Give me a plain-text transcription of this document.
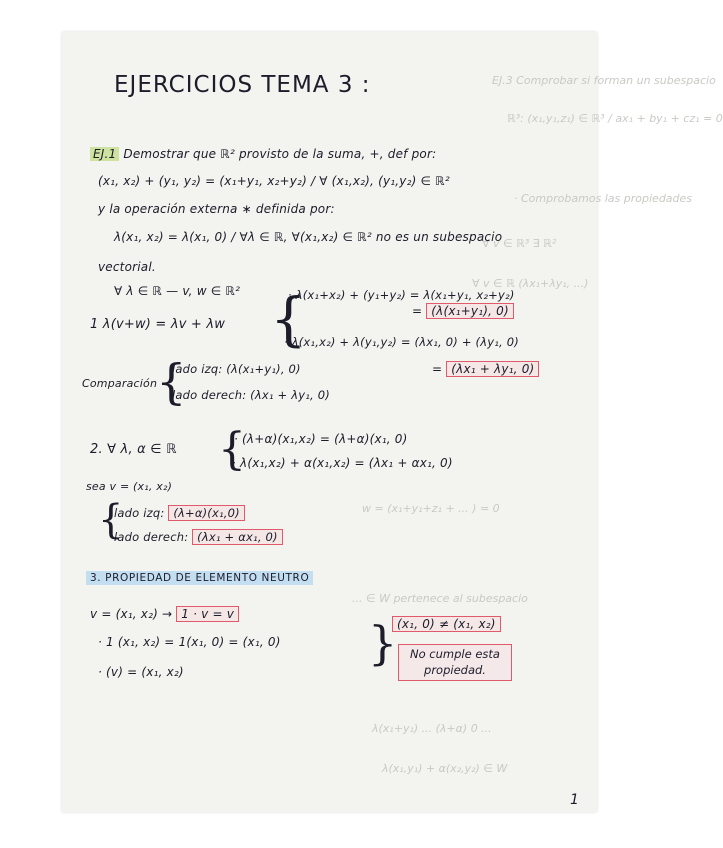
EJ.3 Comprobar si forman un subespacio
ℝ³: (x₁,y₁,z₁) ∈ ℝ³ / ax₁ + by₁ + cz₁ = 0
· Comprobamos las propiedades
∀ v ∈ ℝ³ ∃ ℝ²
∀ v ∈ ℝ (λx₁+λy₁, ...)
w = (x₁+y₁+z₁ + ... ) = 0
... ∈ W pertenece al subespacio
λ(x₁+y₁) ... (λ+α) 0 ...
λ(x₁,y₁) + α(x₂,y₂) ∈ W
EJERCICIOS TEMA 3 :
EJ.1 Demostrar que ℝ² provisto de la suma, +, def por:
(x₁, x₂) + (y₁, y₂) = (x₁+y₁, x₂+y₂) / ∀ (x₁,x₂), (y₁,y₂) ∈ ℝ²
y la operación externa ∗ definida por:
λ(x₁, x₂) = λ(x₁, 0) / ∀λ ∈ ℝ, ∀(x₁,x₂) ∈ ℝ² no es un subespacio
vectorial.
∀ λ ∈ ℝ — v, w ∈ ℝ²
1 λ(v+w) = λv + λw {
· λ(x₁+x₂) + (y₁+y₂) = λ(x₁+y₁, x₂+y₂)
= (λ(x₁+y₁), 0)
· λ(x₁,x₂) + λ(y₁,y₂) = (λx₁, 0) + (λy₁, 0)
= (λx₁ + λy₁, 0)
Comparación
{
lado izq: (λ(x₁+y₁), 0)
lado derech: (λx₁ + λy₁, 0)
2. ∀ λ, α ∈ ℝ {
· (λ+α)(x₁,x₂) = (λ+α)(x₁, 0)
· λ(x₁,x₂) + α(x₁,x₂) = (λx₁ + αx₁, 0)
sea v = (x₁, x₂)
{
lado izq: (λ+α)(x₁,0)
lado derech: (λx₁ + αx₁, 0)
3. PROPIEDAD DE ELEMENTO NEUTRO
v = (x₁, x₂) → 1 · v = v
· 1 (x₁, x₂) = 1(x₁, 0) = (x₁, 0)
· (v) = (x₁, x₂)
} (x₁, 0) ≠ (x₁, x₂)
No cumple esta
propiedad.
1
